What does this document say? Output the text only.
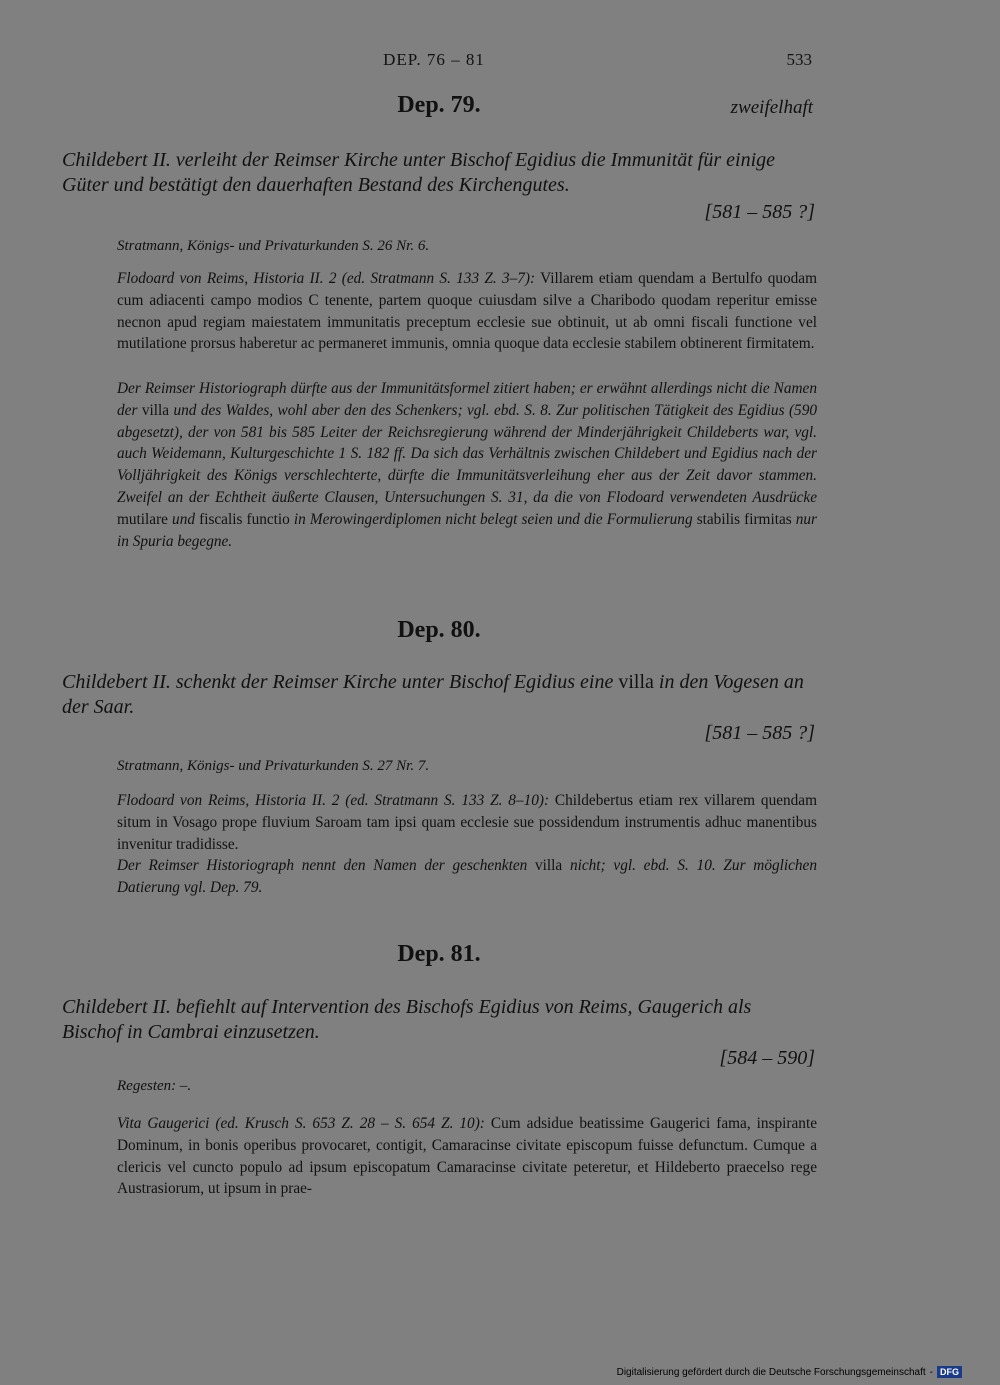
DEP. 76 – 81	533
Dep. 79.	zweifelhaft
Childebert II. verleiht der Reimser Kirche unter Bischof Egidius die Immunität für einige Güter und bestätigt den dauerhaften Bestand des Kirchengutes.
[581 – 585 ?]
Stratmann, Königs- und Privaturkunden S. 26 Nr. 6.
Flodoard von Reims, Historia II. 2 (ed. Stratmann S. 133 Z. 3–7): Villarem etiam quendam a Bertulfo quodam cum adiacenti campo modios C tenente, partem quoque cuiusdam silve a Charibodo quodam reperitur emisse necnon apud regiam maiestatem immunitatis preceptum ecclesie sue obtinuit, ut ab omni fiscali functione vel mutilatione prorsus haberetur ac permaneret immunis, omnia quoque data ecclesie stabilem obtinerent firmitatem.
Der Reimser Historiograph dürfte aus der Immunitätsformel zitiert haben; er erwähnt allerdings nicht die Namen der villa und des Waldes, wohl aber den des Schenkers; vgl. ebd. S. 8. Zur politischen Tätigkeit des Egidius (590 abgesetzt), der von 581 bis 585 Leiter der Reichsregierung während der Minderjährigkeit Childeberts war, vgl. auch Weidemann, Kulturgeschichte 1 S. 182 ff. Da sich das Verhältnis zwischen Childebert und Egidius nach der Volljährigkeit des Königs verschlechterte, dürfte die Immunitätsverleihung eher aus der Zeit davor stammen. Zweifel an der Echtheit äußerte Clausen, Untersuchungen S. 31, da die von Flodoard verwendeten Ausdrücke mutilare und fiscalis functio in Merowingerdiplomen nicht belegt seien und die Formulierung stabilis firmitas nur in Spuria begegne.
Dep. 80.
Childebert II. schenkt der Reimser Kirche unter Bischof Egidius eine villa in den Vogesen an der Saar.
[581 – 585 ?]
Stratmann, Königs- und Privaturkunden S. 27 Nr. 7.
Flodoard von Reims, Historia II. 2 (ed. Stratmann S. 133 Z. 8–10): Childebertus etiam rex villarem quendam situm in Vosago prope fluvium Saroam tam ipsi quam ecclesie sue possidendum instrumentis adhuc manentibus invenitur tradidisse.
Der Reimser Historiograph nennt den Namen der geschenkten villa nicht; vgl. ebd. S. 10. Zur möglichen Datierung vgl. Dep. 79.
Dep. 81.
Childebert II. befiehlt auf Intervention des Bischofs Egidius von Reims, Gaugerich als Bischof in Cambrai einzusetzen.
[584 – 590]
Regesten: –.
Vita Gaugerici (ed. Krusch S. 653 Z. 28 – S. 654 Z. 10): Cum adsidue beatissime Gaugerici fama, inspirante Dominum, in bonis operibus provocaret, contigit, Camaracinse civitate episcopum fuisse defunctum. Cumque a clericis vel cuncto populo ad ipsum episcopatum Camaracinse civitate peteretur, et Hildeberto praecelso rege Austrasiorum, ut ipsum in prae-
Digitalisierung gefördert durch die Deutsche Forschungsgemeinschaft - DFG
